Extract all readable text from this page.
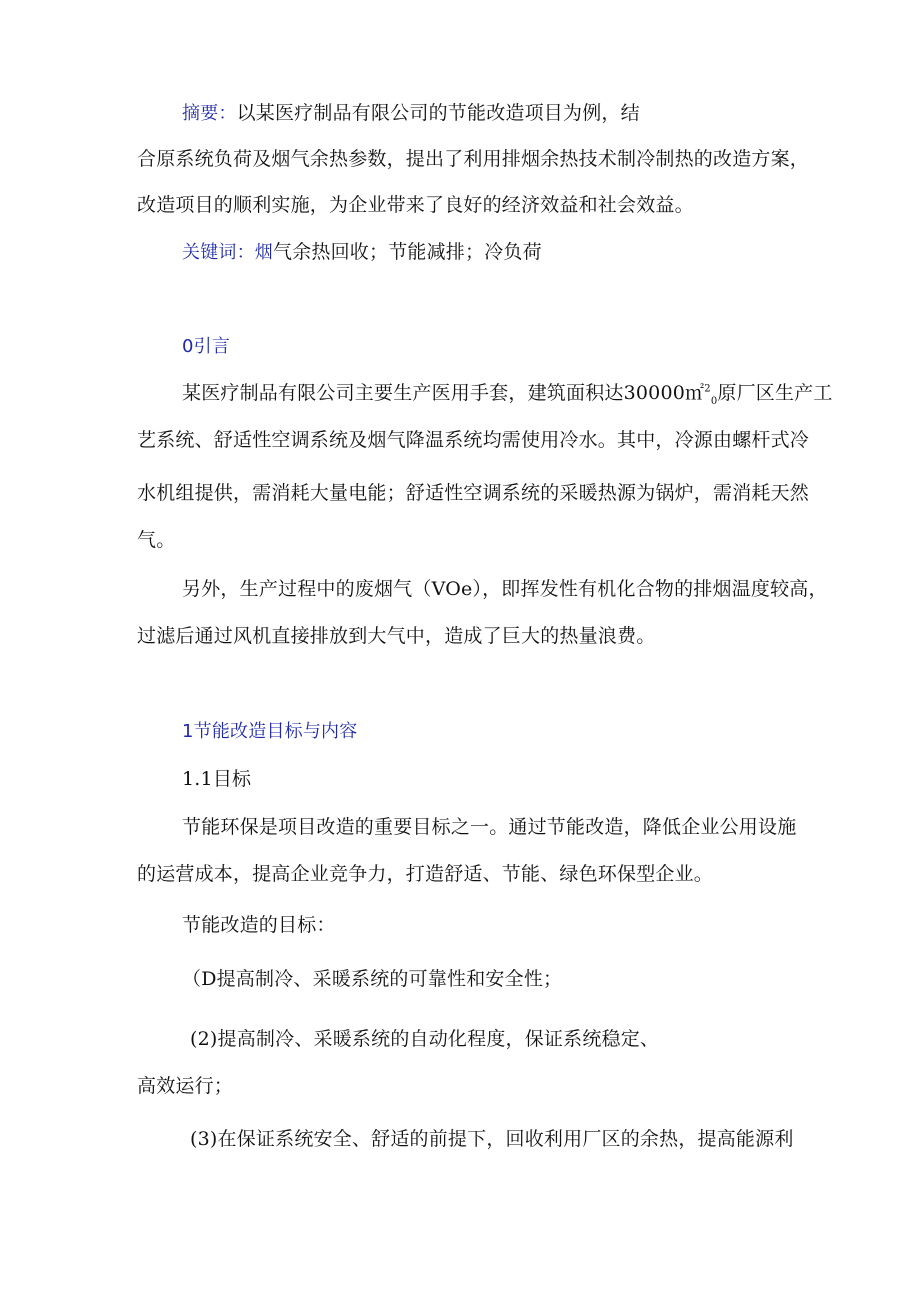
摘要：以某医疗制品有限公司的节能改造项目为例，结
合原系统负荷及烟气余热参数，提出了利用排烟余热技术制冷制热的改造方案，
改造项目的顺利实施，为企业带来了良好的经济效益和社会效益。
关键词：烟气余热回收；节能减排；冷负荷
0引言
某医疗制品有限公司主要生产医用手套，建筑面积达30000㎡$^2_0$原厂区生产工
艺系统、舒适性空调系统及烟气降温系统均需使用冷水。其中，冷源由螺杆式冷
水机组提供，需消耗大量电能；舒适性空调系统的采暖热源为锅炉，需消耗天然
气。
另外，生产过程中的废烟气（VOe），即挥发性有机化合物的排烟温度较高，
过滤后通过风机直接排放到大气中，造成了巨大的热量浪费。
1节能改造目标与内容
1.1目标
节能环保是项目改造的重要目标之一。通过节能改造，降低企业公用设施
的运营成本，提高企业竞争力，打造舒适、节能、绿色环保型企业。
节能改造的目标：
（D提高制冷、采暖系统的可靠性和安全性；
(2)提高制冷、采暖系统的自动化程度，保证系统稳定、
高效运行；
(3)在保证系统安全、舒适的前提下，回收利用厂区的余热，提高能源利
